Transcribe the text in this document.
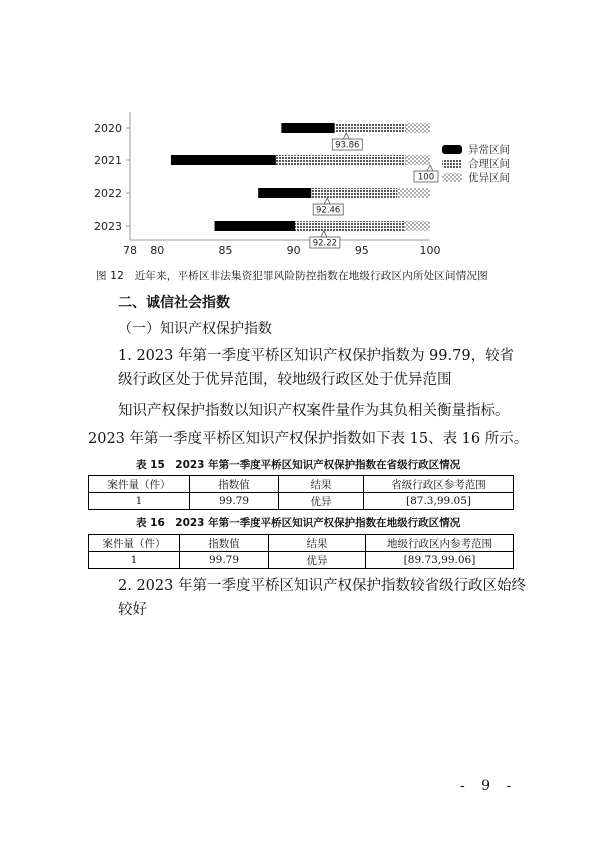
78 80	85	90	95	100
2020
2021
2022
2023
93.86
100
92.46
92.22
异常区间
合理区间
优异区间
图 12　近年来，平桥区非法集资犯罪风险防控指数在地级行政区内所处区间情况图
二、诚信社会指数
（一）知识产权保护指数
1. 2023 年第一季度平桥区知识产权保护指数为 99.79，较省级行政区处于优异范围，较地级行政区处于优异范围
知识产权保护指数以知识产权案件量作为其负相关衡量指标。
2023 年第一季度平桥区知识产权保护指数如下表 15、表 16 所示。
表 15　2023 年第一季度平桥区知识产权保护指数在省级行政区情况
案件量（件）	指数值	结果	省级行政区参考范围
1	99.79	优异	[87.3,99.05]
表 16　2023 年第一季度平桥区知识产权保护指数在地级行政区情况
案件量（件）	指数值	结果	地级行政区内参考范围
1	99.79	优异	[89.73,99.06]
2. 2023 年第一季度平桥区知识产权保护指数较省级行政区始终较好
- 9 -
